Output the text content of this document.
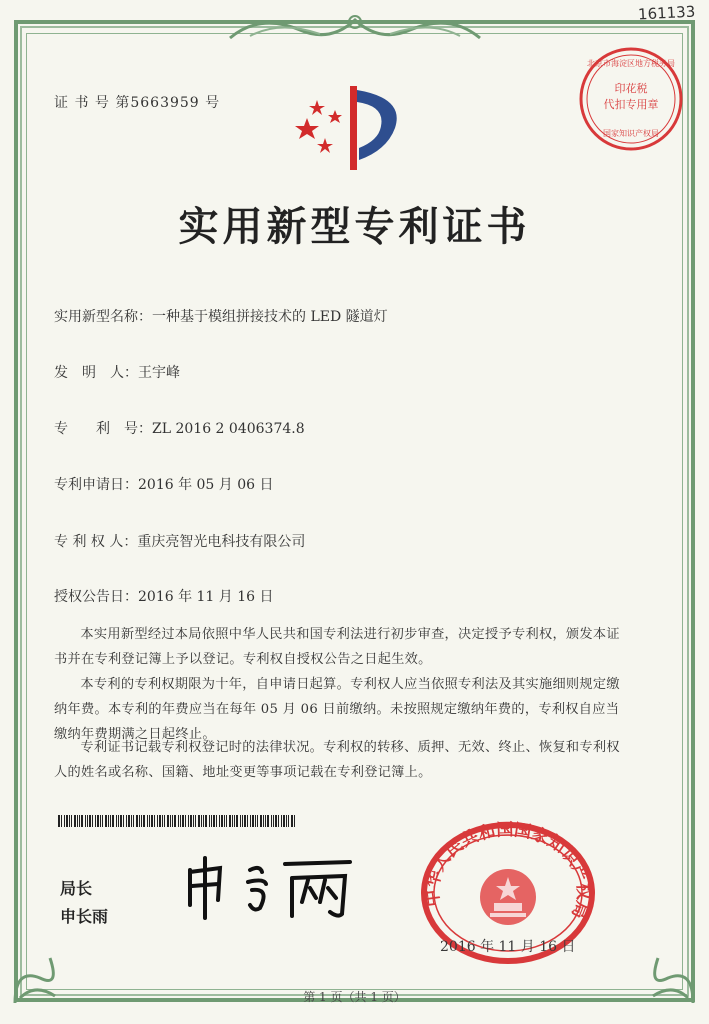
161133
证 书 号 第5663959 号
印花税
代扣专用章
北京市海淀区地方税务局
国家知识产权局
实用新型专利证书
实用新型名称：一种基于模组拼接技术的 LED 隧道灯
发　明　人：王宇峰
专　　利　号：ZL 2016 2 0406374.8
专利申请日：2016 年 05 月 06 日
专 利 权 人：重庆亮智光电科技有限公司
授权公告日：2016 年 11 月 16 日
本实用新型经过本局依照中华人民共和国专利法进行初步审查，决定授予专利权，颁发本证书并在专利登记簿上予以登记。专利权自授权公告之日起生效。
本专利的专利权期限为十年，自申请日起算。专利权人应当依照专利法及其实施细则规定缴纳年费。本专利的年费应当在每年 05 月 06 日前缴纳。未按照规定缴纳年费的，专利权自应当缴纳年费期满之日起终止。
专利证书记载专利权登记时的法律状况。专利权的转移、质押、无效、终止、恢复和专利权人的姓名或名称、国籍、地址变更等事项记载在专利登记簿上。
局长
申长雨
中华人民共和国国家知识产权局
2016 年 11 月 16 日
第 1 页（共 1 页）
